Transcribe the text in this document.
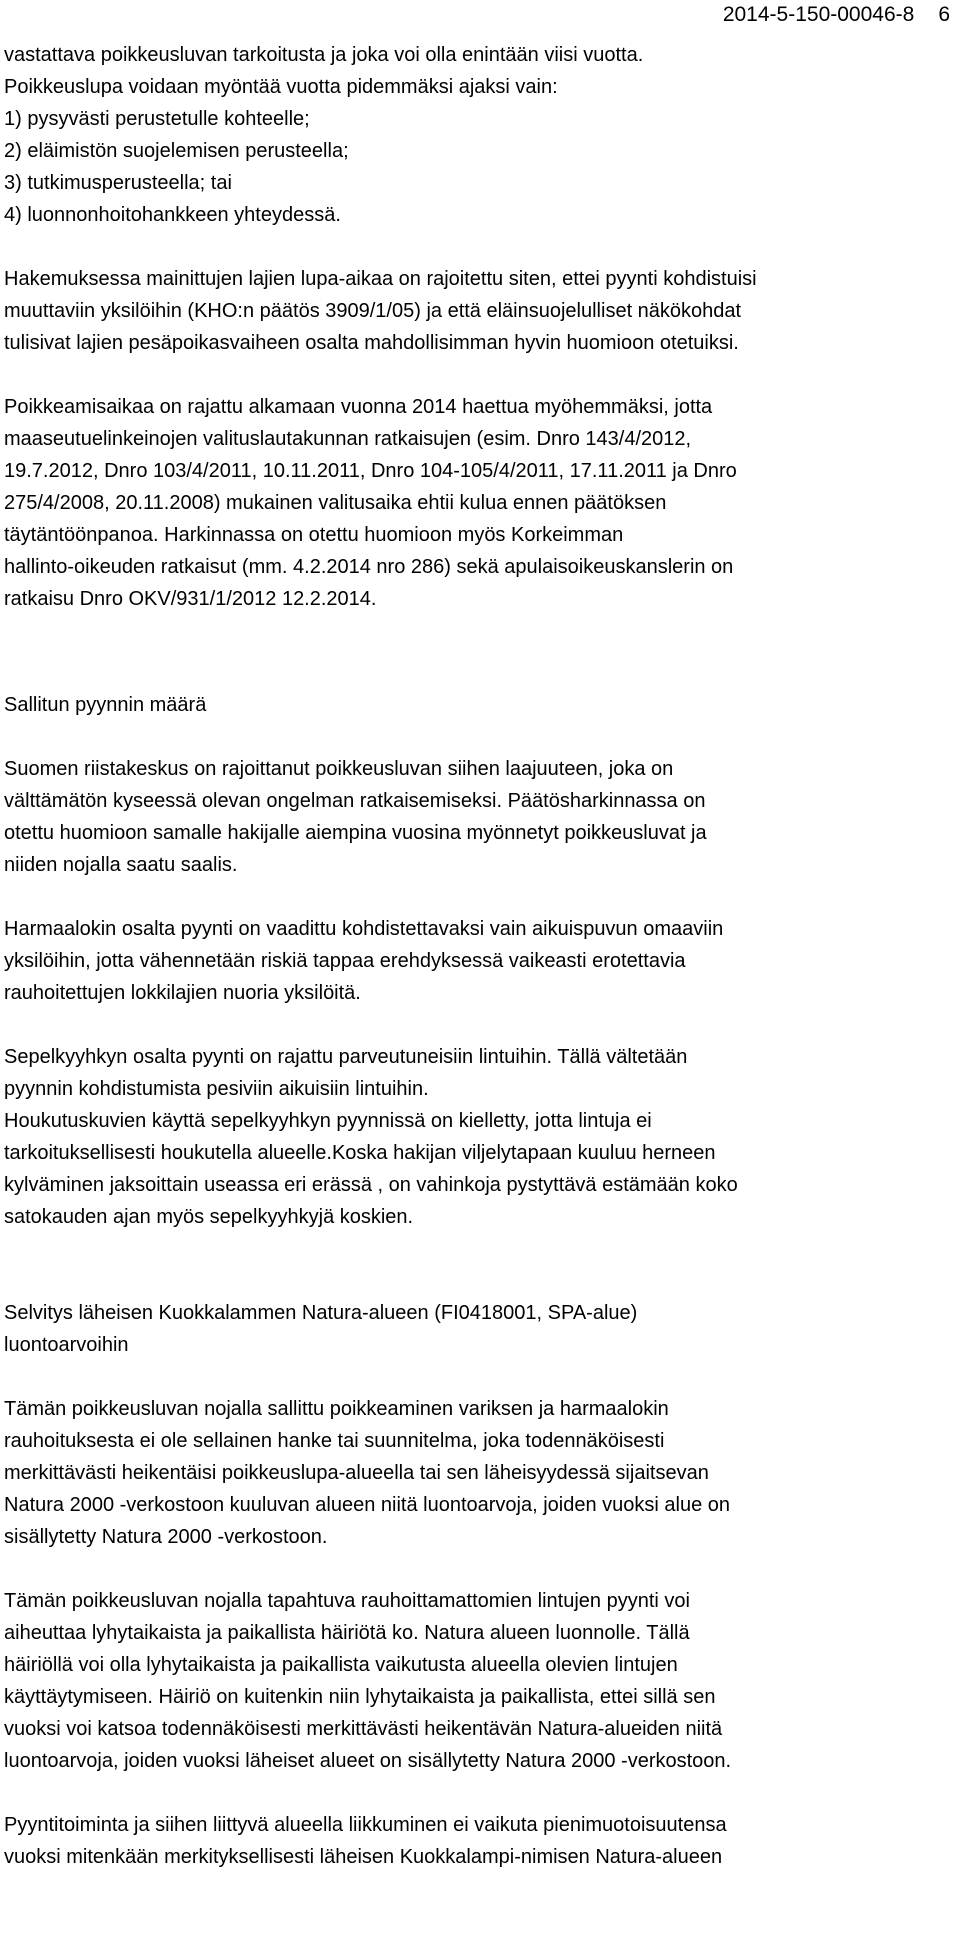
2014-5-150-00046-8 6

vastattava poikkeusluvan tarkoitusta ja joka voi olla enintään viisi vuotta.
Poikkeuslupa voidaan myöntää vuotta pidemmäksi ajaksi vain:
1) pysyvästi perustetulle kohteelle;
2) eläimistön suojelemisen perusteella;
3) tutkimusperusteella; tai
4) luonnonhoitohankkeen yhteydessä.

Hakemuksessa mainittujen lajien lupa-aikaa on rajoitettu siten, ettei pyynti kohdistuisi
muuttaviin yksilöihin (KHO:n päätös 3909/1/05) ja että eläinsuojelulliset näkökohdat
tulisivat lajien pesäpoikasvaiheen osalta mahdollisimman hyvin huomioon otetuiksi.

Poikkeamisaikaa on rajattu alkamaan vuonna 2014 haettua myöhemmäksi, jotta
maaseutuelinkeinojen valituslautakunnan ratkaisujen (esim. Dnro 143/4/2012,
19.7.2012, Dnro 103/4/2011, 10.11.2011, Dnro 104-105/4/2011, 17.11.2011 ja Dnro
275/4/2008, 20.11.2008) mukainen valitusaika ehtii kulua ennen päätöksen
täytäntöönpanoa. Harkinnassa on otettu huomioon myös Korkeimman
hallinto-oikeuden ratkaisut (mm. 4.2.2014 nro 286) sekä apulaisoikeuskanslerin on
ratkaisu Dnro OKV/931/1/2012 12.2.2014.

Sallitun pyynnin määrä

Suomen riistakeskus on rajoittanut poikkeusluvan siihen laajuuteen, joka on
välttämätön kyseessä olevan ongelman ratkaisemiseksi. Päätösharkinnassa on
otettu huomioon samalle hakijalle aiempina vuosina myönnetyt poikkeusluvat ja
niiden nojalla saatu saalis.

Harmaalokin osalta pyynti on vaadittu kohdistettavaksi vain aikuispuvun omaaviin
yksilöihin, jotta vähennetään riskiä tappaa erehdyksessä vaikeasti erotettavia
rauhoitettujen lokkilajien nuoria yksilöitä.

Sepelkyyhkyn osalta pyynti on rajattu parveutuneisiin lintuihin. Tällä vältetään
pyynnin kohdistumista pesiviin aikuisiin lintuihin.
Houkutuskuvien käyttä sepelkyyhkyn pyynnissä on kielletty, jotta lintuja ei
tarkoituksellisesti houkutella alueelle.Koska hakijan viljelytapaan kuuluu herneen
kylväminen jaksoittain useassa eri erässä , on vahinkoja pystyttävä estämään koko
satokauden ajan myös sepelkyyhkyjä koskien.

Selvitys läheisen Kuokkalammen Natura-alueen (FI0418001, SPA-alue)
luontoarvoihin

Tämän poikkeusluvan nojalla sallittu poikkeaminen variksen ja harmaalokin
rauhoituksesta ei ole sellainen hanke tai suunnitelma, joka todennäköisesti
merkittävästi heikentäisi poikkeuslupa-alueella tai sen läheisyydessä sijaitsevan
Natura 2000 -verkostoon kuuluvan alueen niitä luontoarvoja, joiden vuoksi alue on
sisällytetty Natura 2000 -verkostoon.

Tämän poikkeusluvan nojalla tapahtuva rauhoittamattomien lintujen pyynti voi
aiheuttaa lyhytaikaista ja paikallista häiriötä ko. Natura alueen luonnolle. Tällä
häiriöllä voi olla lyhytaikaista ja paikallista vaikutusta alueella olevien lintujen
käyttäytymiseen. Häiriö on kuitenkin niin lyhytaikaista ja paikallista, ettei sillä sen
vuoksi voi katsoa todennäköisesti merkittävästi heikentävän Natura-alueiden niitä
luontoarvoja, joiden vuoksi läheiset alueet on sisällytetty Natura 2000 -verkostoon.

Pyyntitoiminta ja siihen liittyvä alueella liikkuminen ei vaikuta pienimuotoisuutensa
vuoksi mitenkään merkityksellisesti läheisen Kuokkalampi-nimisen Natura-alueen
